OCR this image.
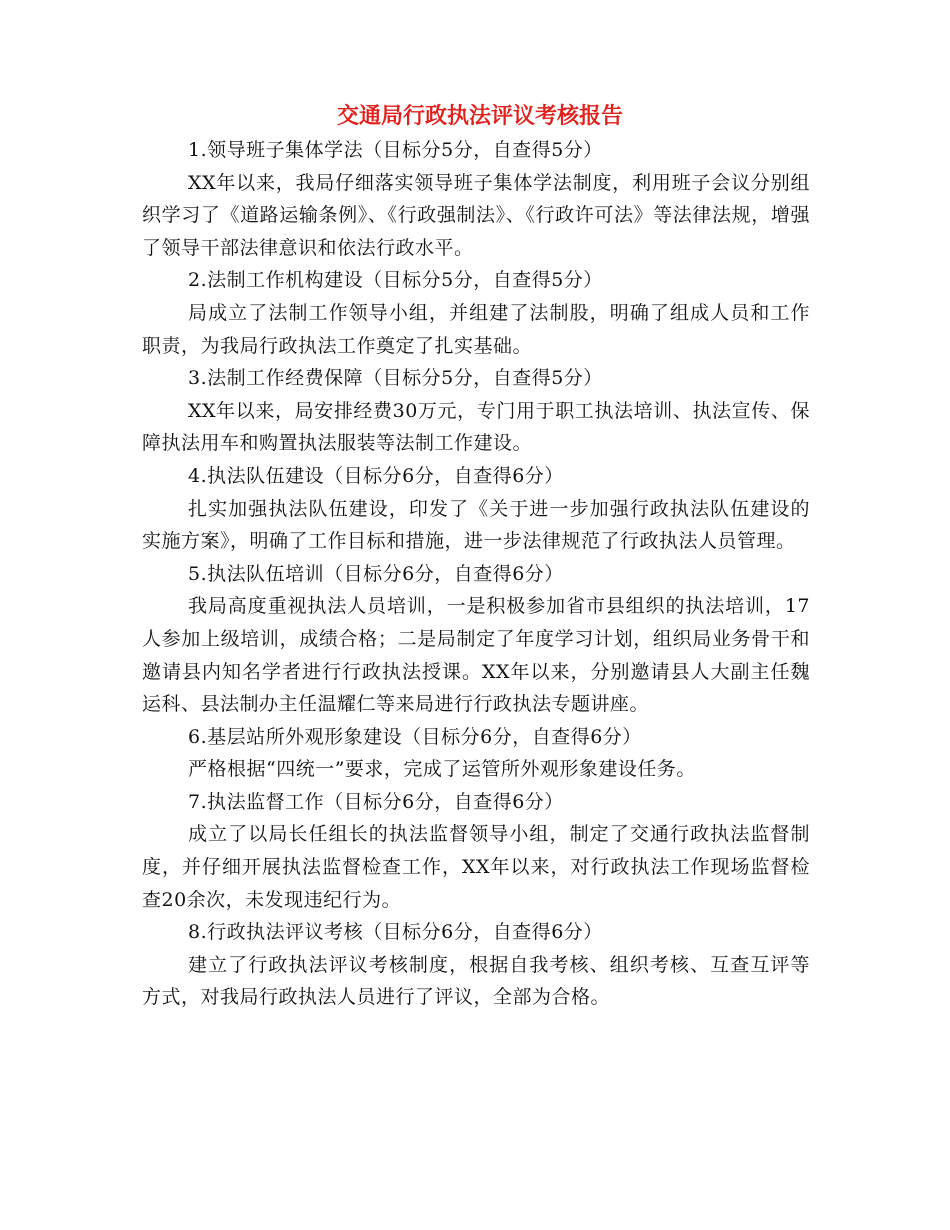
交通局行政执法评议考核报告

1.领导班子集体学法（目标分5分，自查得5分）

XX年以来，我局仔细落实领导班子集体学法制度，利用班子会议分别组织学习了《道路运输条例》、《行政强制法》、《行政许可法》等法律法规，增强了领导干部法律意识和依法行政水平。

2.法制工作机构建设（目标分5分，自查得5分）

局成立了法制工作领导小组，并组建了法制股，明确了组成人员和工作职责，为我局行政执法工作奠定了扎实基础。

3.法制工作经费保障（目标分5分，自查得5分）

XX年以来，局安排经费30万元，专门用于职工执法培训、执法宣传、保障执法用车和购置执法服装等法制工作建设。

4.执法队伍建设（目标分6分，自查得6分）

扎实加强执法队伍建设，印发了《关于进一步加强行政执法队伍建设的实施方案》，明确了工作目标和措施，进一步法律规范了行政执法人员管理。

5.执法队伍培训（目标分6分，自查得6分）

我局高度重视执法人员培训，一是积极参加省市县组织的执法培训，17人参加上级培训，成绩合格；二是局制定了年度学习计划，组织局业务骨干和邀请县内知名学者进行行政执法授课。XX年以来，分别邀请县人大副主任魏运科、县法制办主任温耀仁等来局进行行政执法专题讲座。

6.基层站所外观形象建设（目标分6分，自查得6分）

严格根据“四统一”要求，完成了运管所外观形象建设任务。

7.执法监督工作（目标分6分，自查得6分）

成立了以局长任组长的执法监督领导小组，制定了交通行政执法监督制度，并仔细开展执法监督检查工作，XX年以来，对行政执法工作现场监督检查20余次，未发现违纪行为。

8.行政执法评议考核（目标分6分，自查得6分）

建立了行政执法评议考核制度，根据自我考核、组织考核、互查互评等方式，对我局行政执法人员进行了评议，全部为合格。
